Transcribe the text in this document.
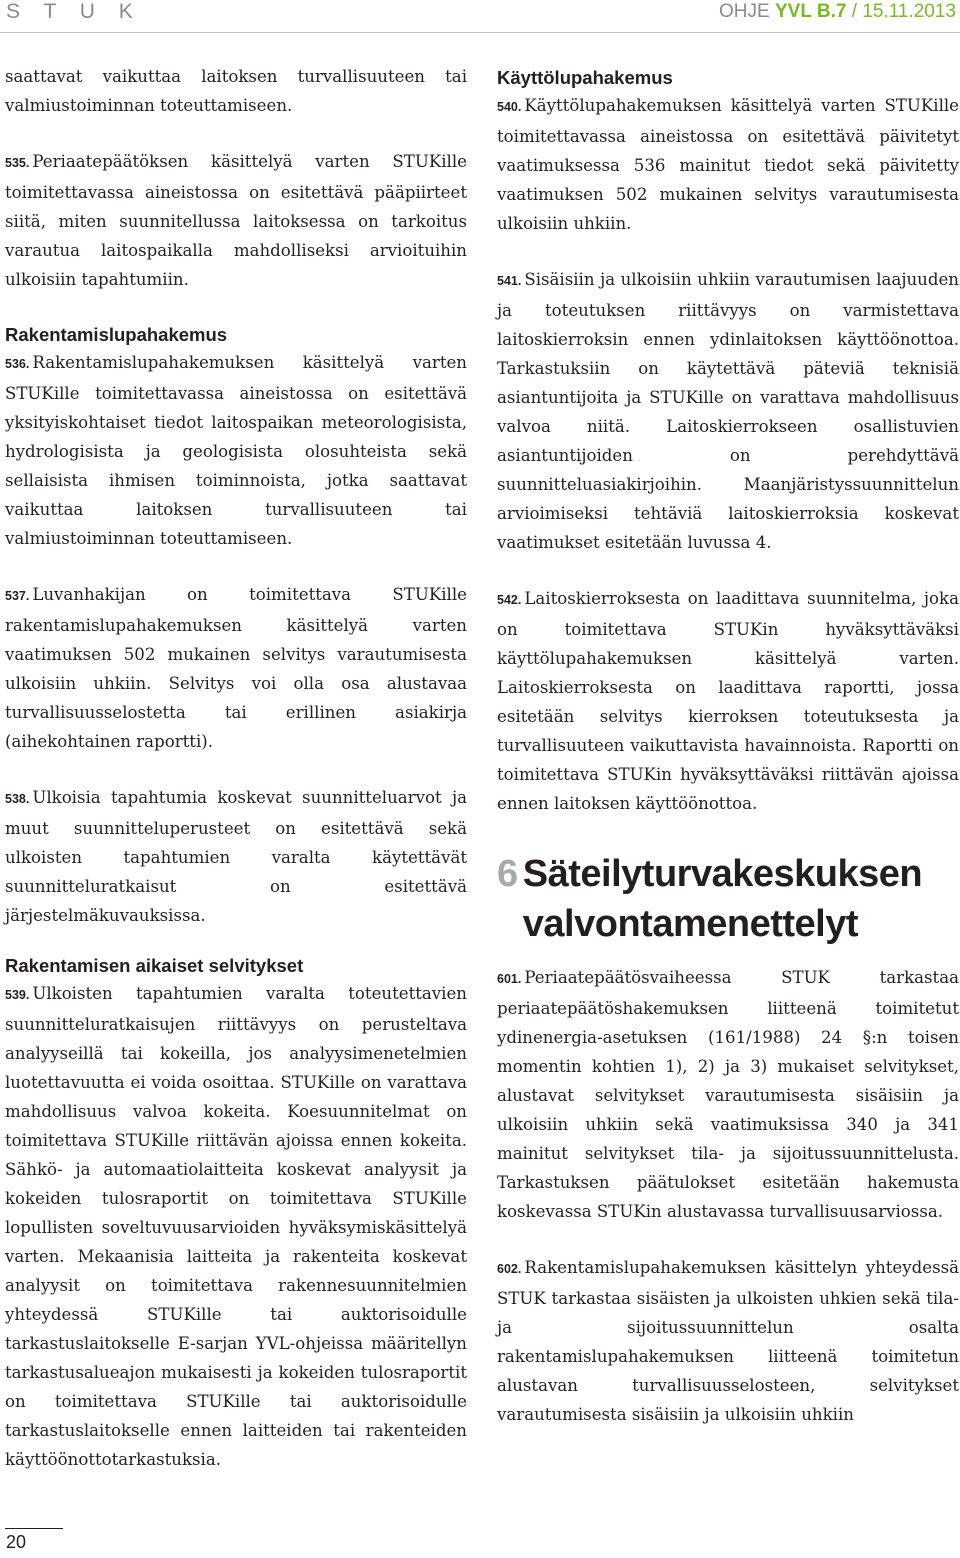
S T U K	OHJE YVL B.7 / 15.11.2013

saattavat vaikuttaa laitoksen turvallisuuteen tai valmiustoiminnan toteuttamiseen.

535. Periaatepäätöksen käsittelyä varten STUKille toimitettavassa aineistossa on esitettävä pääpiirteet siitä, miten suunnitellussa laitoksessa on tarkoitus varautua laitospaikalla mahdolliseksi arvioituihin ulkoisiin tapahtumiin.

Rakentamislupahakemus

536. Rakentamislupahakemuksen käsittelyä varten STUKille toimitettavassa aineistossa on esitettävä yksityiskohtaiset tiedot laitospaikan meteorologisista, hydrologisista ja geologisista olosuhteista sekä sellaisista ihmisen toiminnoista, jotka saattavat vaikuttaa laitoksen turvallisuuteen tai valmiustoiminnan toteuttamiseen.

537. Luvanhakijan on toimitettava STUKille rakentamislupahakemuksen käsittelyä varten vaatimuksen 502 mukainen selvitys varautumisesta ulkoisiin uhkiin. Selvitys voi olla osa alustavaa turvallisuusselostetta tai erillinen asiakirja (aihekohtainen raportti).

538. Ulkoisia tapahtumia koskevat suunnitteluarvot ja muut suunnitteluperusteet on esitettävä sekä ulkoisten tapahtumien varalta käytettävät suunnitteluratkaisut on esitettävä järjestelmäkuvauksissa.

Rakentamisen aikaiset selvitykset

539. Ulkoisten tapahtumien varalta toteutettavien suunnitteluratkaisujen riittävyys on perusteltava analyyseillä tai kokeilla, jos analyysimenetelmien luotettavuutta ei voida osoittaa. STUKille on varattava mahdollisuus valvoa kokeita. Koesuunnitelmat on toimitettava STUKille riittävän ajoissa ennen kokeita. Sähkö- ja automaatiolaitteita koskevat analyysit ja kokeiden tulosraportit on toimitettava STUKille lopullisten soveltuvuusarvioiden hyväksymiskäsittelyä varten. Mekaanisia laitteita ja rakenteita koskevat analyysit on toimitettava rakennesuunnitelmien yhteydessä STUKille tai auktorisoidulle tarkastuslaitokselle E-sarjan YVL-ohjeissa määritellyn tarkastusalueajon mukaisesti ja kokeiden tulosraportit on toimitettava STUKille tai auktorisoidulle tarkastuslaitokselle ennen laitteiden tai rakenteiden käyttöönottotarkastuksia.

Käyttölupahakemus

540. Käyttölupahakemuksen käsittelyä varten STUKille toimitettavassa aineistossa on esitettävä päivitetyt vaatimuksessa 536 mainitut tiedot sekä päivitetty vaatimuksen 502 mukainen selvitys varautumisesta ulkoisiin uhkiin.

541. Sisäisiin ja ulkoisiin uhkiin varautumisen laajuuden ja toteutuksen riittävyys on varmistettava laitoskierroksin ennen ydinlaitoksen käyttöönottoa. Tarkastuksiin on käytettävä päteviä teknisiä asiantuntijoita ja STUKille on varattava mahdollisuus valvoa niitä. Laitoskierrokseen osallistuvien asiantuntijoiden on perehdyttävä suunnitteluasiakirjoihin. Maanjäristyssuunnittelun arvioimiseksi tehtäviä laitoskierroksia koskevat vaatimukset esitetään luvussa 4.

542. Laitoskierroksesta on laadittava suunnitelma, joka on toimitettava STUKin hyväksyttäväksi käyttölupahakemuksen käsittelyä varten. Laitoskierroksesta on laadittava raportti, jossa esitetään selvitys kierroksen toteutuksesta ja turvallisuuteen vaikuttavista havainnoista. Raportti on toimitettava STUKin hyväksyttäväksi riittävän ajoissa ennen laitoksen käyttöönottoa.

6 Säteilyturvakeskuksen valvontamenettelyt

601. Periaatepäätösvaiheessa STUK tarkastaa periaatepäätöshakemuksen liitteenä toimitetut ydinenergia-asetuksen (161/1988) 24 §:n toisen momentin kohtien 1), 2) ja 3) mukaiset selvitykset, alustavat selvitykset varautumisesta sisäisiin ja ulkoisiin uhkiin sekä vaatimuksissa 340 ja 341 mainitut selvitykset tila- ja sijoitussuunnittelusta. Tarkastuksen päätulokset esitetään hakemusta koskevassa STUKin alustavassa turvallisuusarviossa.

602. Rakentamislupahakemuksen käsittelyn yhteydessä STUK tarkastaa sisäisten ja ulkoisten uhkien sekä tila- ja sijoitussuunnittelun osalta rakentamislupahakemuksen liitteenä toimitetun alustavan turvallisuusselosteen, selvitykset varautumisesta sisäisiin ja ulkoisiin uhkiin

20
